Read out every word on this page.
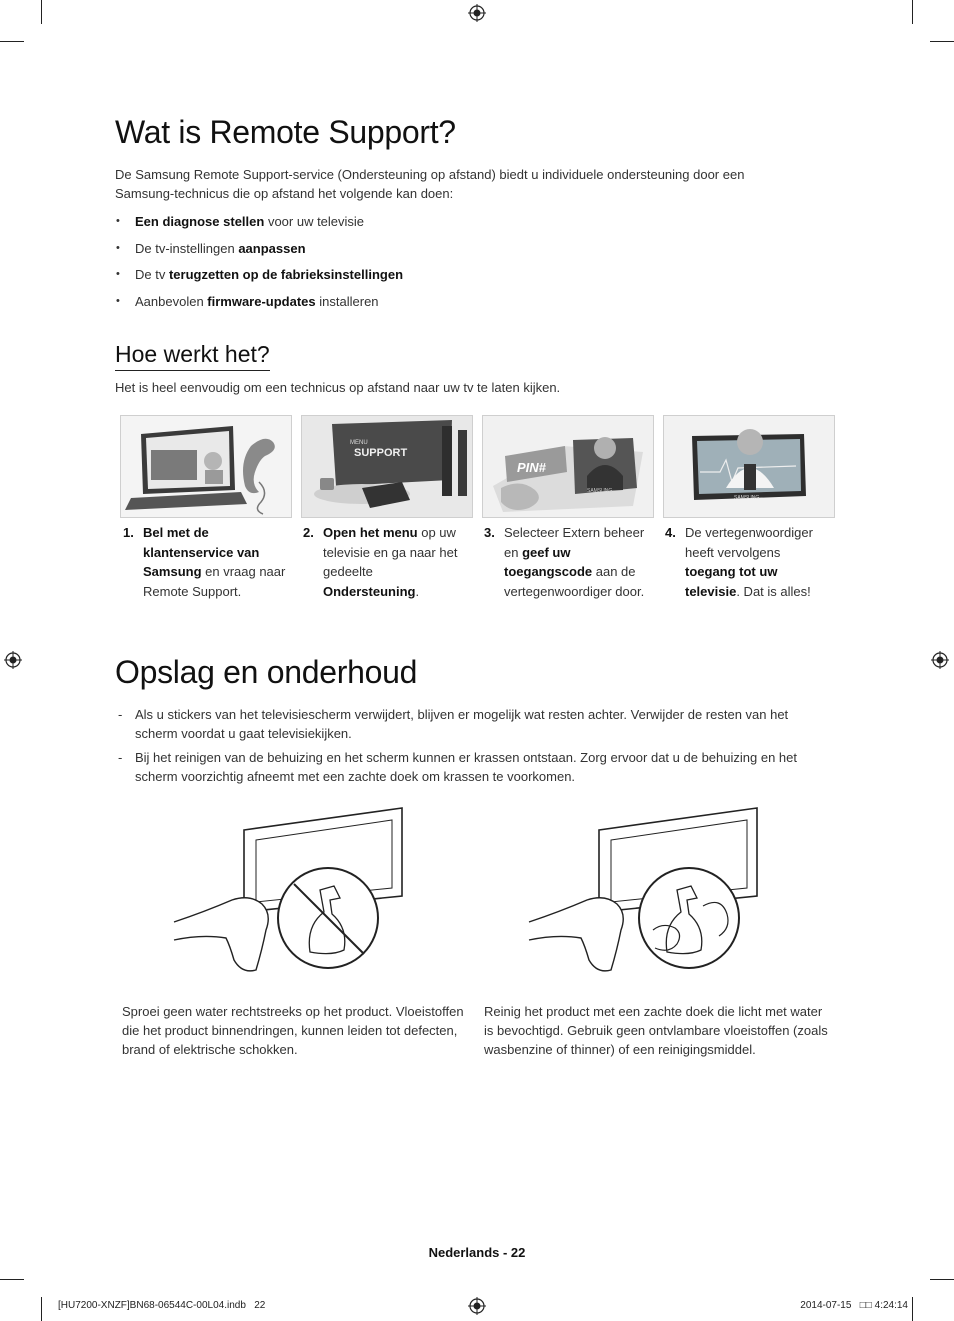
Wat is Remote Support?

De Samsung Remote Support-service (Ondersteuning op afstand) biedt u individuele ondersteuning door een Samsung-technicus die op afstand het volgende kan doen:

• Een diagnose stellen voor uw televisie
• De tv-instellingen aanpassen
• De tv terugzetten op de fabrieksinstellingen
• Aanbevolen firmware-updates installeren
Hoe werkt het?

Het is heel eenvoudig om een technicus op afstand naar uw tv te laten kijken.

MENU
SUPPORT
PIN#
SAMSUNG
SAMSUNG
1. Bel met de klantenservice van Samsung en vraag naar Remote Support.
2. Open het menu op uw televisie en ga naar het gedeelte Ondersteuning.
3. Selecteer Extern beheer en geef uw toegangscode aan de vertegenwoordiger door.
4. De vertegenwoordiger heeft vervolgens toegang tot uw televisie. Dat is alles!
Opslag en onderhoud
- Als u stickers van het televisiescherm verwijdert, blijven er mogelijk wat resten achter. Verwijder de resten van het scherm voordat u gaat televisiekijken.
- Bij het reinigen van de behuizing en het scherm kunnen er krassen ontstaan. Zorg ervoor dat u de behuizing en het scherm voorzichtig afneemt met een zachte doek om krassen te voorkomen.

Sproei geen water rechtstreeks op het product. Vloeistoffen die het product binnendringen, kunnen leiden tot defecten, brand of elektrische schokken.

Reinig het product met een zachte doek die licht met water is bevochtigd. Gebruik geen ontvlambare vloeistoffen (zoals wasbenzine of thinner) of een reinigingsmiddel.

Nederlands - 22
[HU7200-XNZF]BN68-06544C-00L04.indb   22	2014-07-15   □□ 4:24:14
